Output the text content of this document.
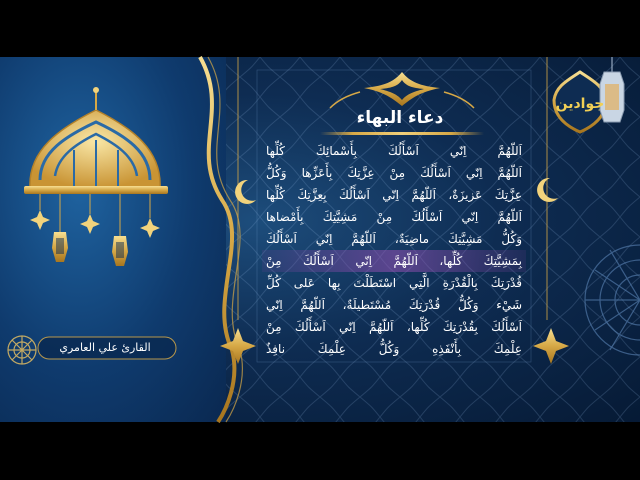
دعاء البهاء
جوادين
اَللّهُمَّ اِنّي اَسْأَلُكَ بِأَسْمائِكَ كُلِّها
اَللّهُمَّ اِنّي اَسْأَلُكَ مِنْ عِزَّتِكَ بِأَعَزِّها وَكُلُّ
عِزَّتِكَ عَزيزَةٌ، اَللّهُمَّ اِنّي اَسْأَلُكَ بِعِزَّتِكَ كُلِّها
اَللّهُمَّ اِنّي اَسْأَلُكَ مِنْ مَشِيَّتِكَ بِأَمْضاها
وَكُلُّ مَشِيَّتِكَ ماضِيَةٌ، اَللّهُمَّ اِنّي اَسْأَلُكَ
بِمَشِيَّتِكَ كُلِّها، اَللّهُمَّ اِنّي اَسْأَلُكَ مِنْ
قُدْرَتِكَ بِالْقُدْرَةِ الَّتِي اسْتَطَلْتَ بِها عَلى كُلِّ
شَيْء وَكُلُّ قُدْرَتِكَ مُسْتَطيلَةٌ، اَللّهُمَّ اِنّي
اَسْأَلُكَ بِقُدْرَتِكَ كُلِّها، اَللّهُمَّ اِنّي اَسْأَلُكَ مِنْ
عِلْمِكَ بِأَنْفَذِهِ وَكُلُّ عِلْمِكَ نافِذٌ
القارئ علي العامري
